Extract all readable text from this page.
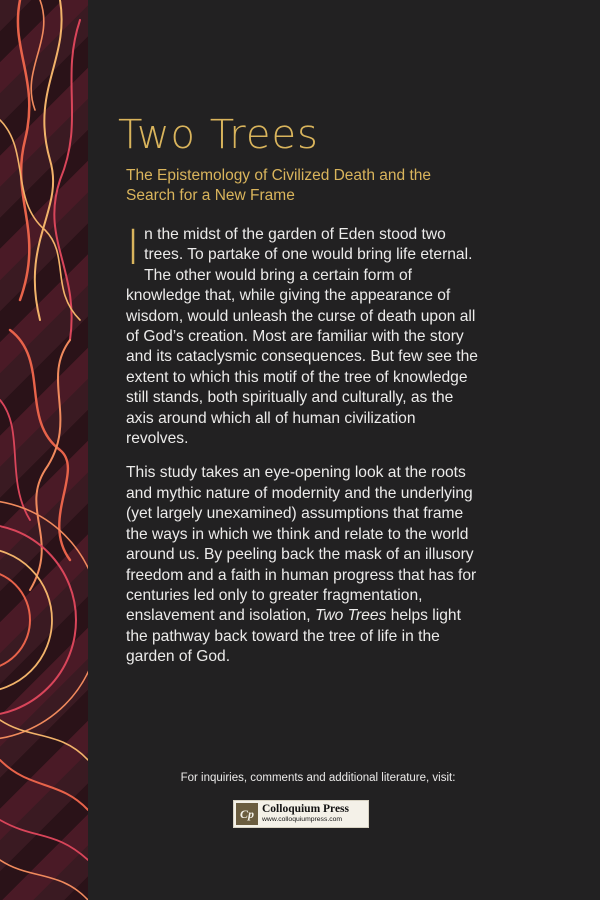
Two Trees
The Epistemology of Civilized Death and the Search for a New Frame

In the midst of the garden of Eden stood two trees. To partake of one would bring life eternal. The other would bring a certain form of knowledge that, while giving the appearance of wisdom, would unleash the curse of death upon all of God’s creation. Most are familiar with the story and its cataclysmic consequences. But few see the extent to which this motif of the tree of knowledge still stands, both spiritually and culturally, as the axis around which all of human civilization revolves.

This study takes an eye-opening look at the roots and mythic nature of modernity and the underlying (yet largely unexamined) assumptions that frame the ways in which we think and relate to the world around us. By peeling back the mask of an illusory freedom and a faith in human progress that has for centuries led only to greater fragmentation, enslavement and isolation, Two Trees helps light the pathway back toward the tree of life in the garden of God.

For inquiries, comments and additional literature, visit:
Cp Colloquium Press
www.colloquiumpress.com
